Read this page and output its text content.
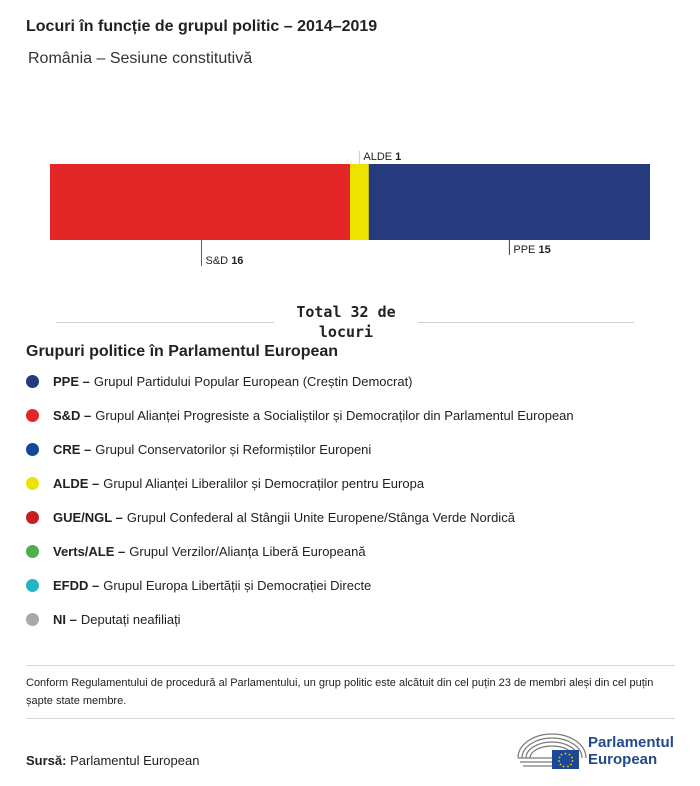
Locuri în funcție de grupul politic – 2014–2019
România – Sesiune constitutivă
S&D 16
ALDE 1
PPE 15
Total 32 de locuri
Grupuri politice în Parlamentul European
PPE – Grupul Partidului Popular European (Creștin Democrat)
S&D – Grupul Alianței Progresiste a Socialiștilor și Democraților din Parlamentul European
CRE – Grupul Conservatorilor și Reformiștilor Europeni
ALDE – Grupul Alianței Liberalilor și Democraților pentru Europa
GUE/NGL – Grupul Confederal al Stângii Unite Europene/Stânga Verde Nordică
Verts/ALE – Grupul Verzilor/Alianța Liberă Europeană
EFDD – Grupul Europa Libertății și Democrației Directe
NI – Deputați neafiliați
Conform Regulamentului de procedură al Parlamentului, un grup politic este alcătuit din cel puțin 23 de membri aleși din cel puțin șapte state membre.
Sursă: Parlamentul European
Parlamentul
European
